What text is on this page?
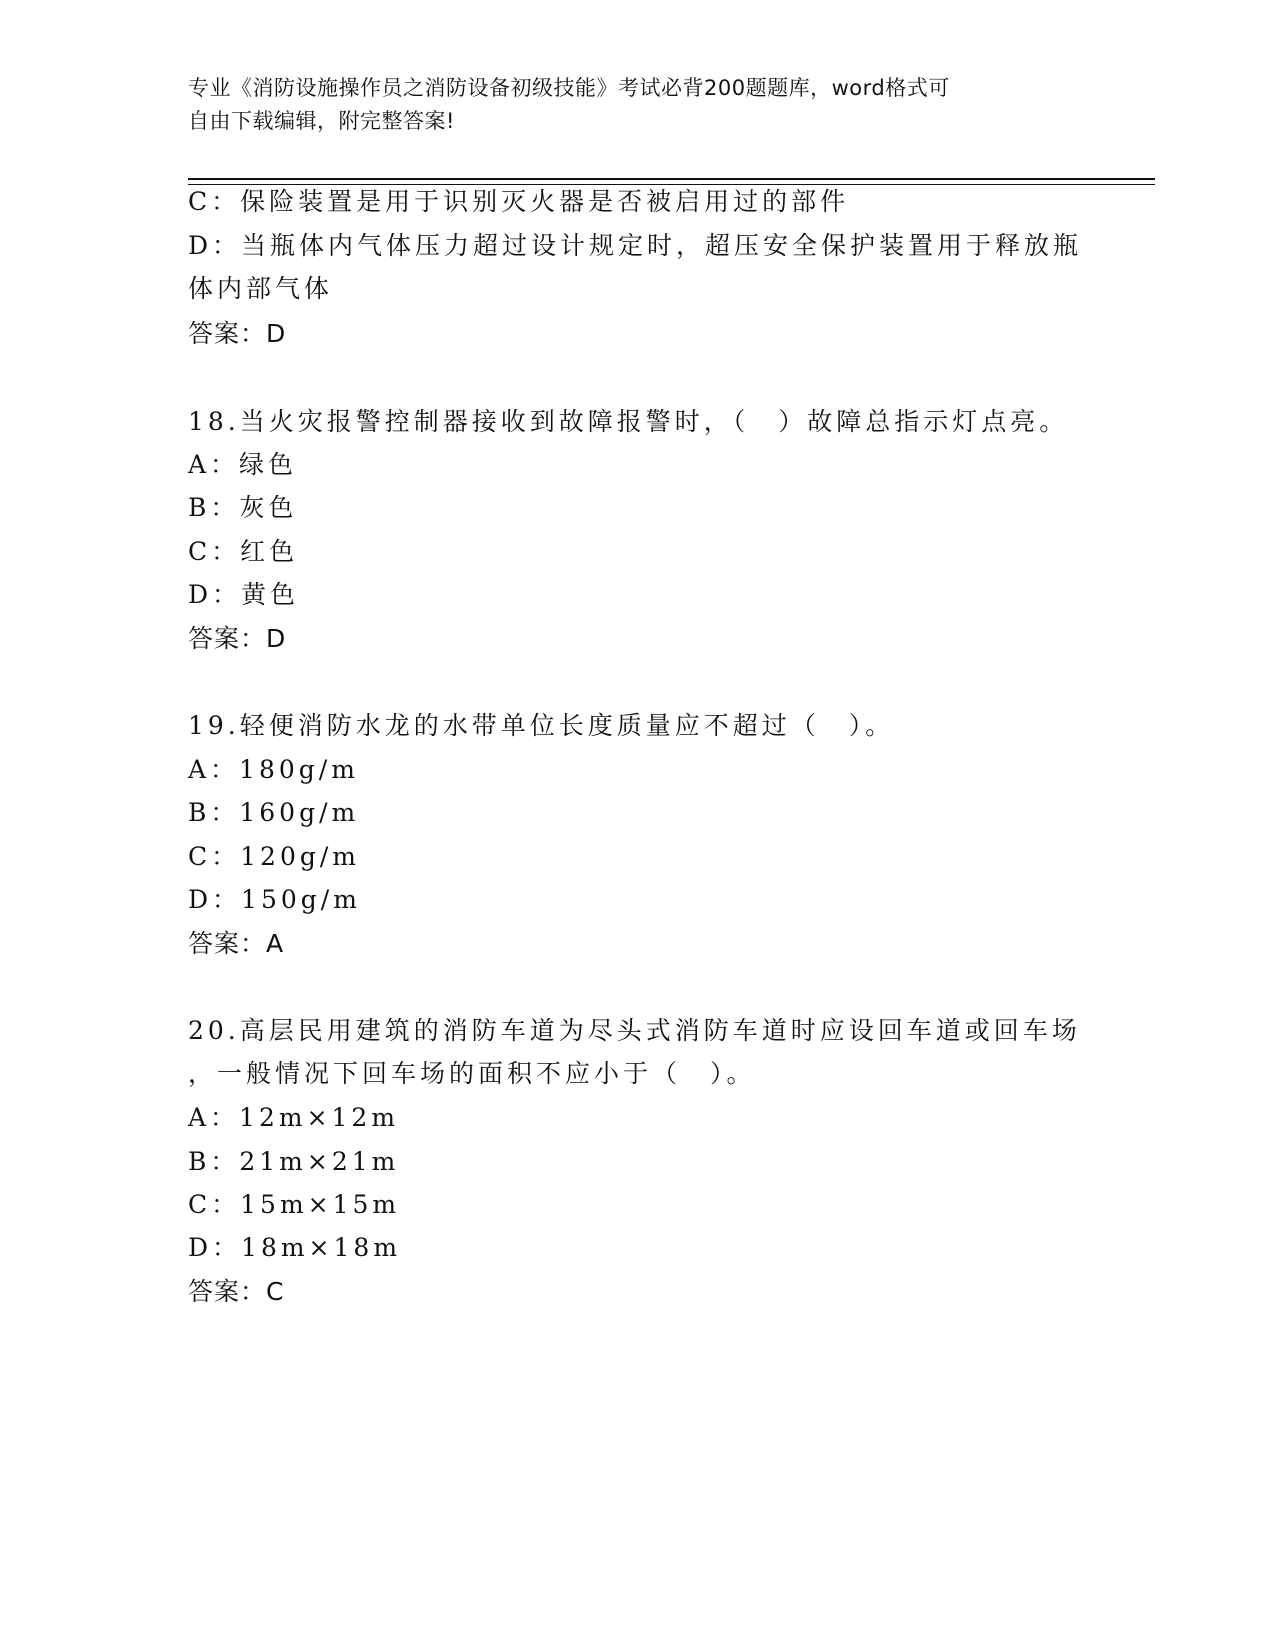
专业《消防设施操作员之消防设备初级技能》考试必背200题题库，word格式可
自由下载编辑，附完整答案!
C：保险装置是用于识别灭火器是否被启用过的部件
D：当瓶体内气体压力超过设计规定时，超压安全保护装置用于释放瓶
体内部气体
答案：D
18.当火灾报警控制器接收到故障报警时，（　）故障总指示灯点亮。
A：绿色
B：灰色
C：红色
D：黄色
答案：D
19.轻便消防水龙的水带单位长度质量应不超过（　）。
A：180g/m
B：160g/m
C：120g/m
D：150g/m
答案：A
20.高层民用建筑的消防车道为尽头式消防车道时应设回车道或回车场
，一般情况下回车场的面积不应小于（　）。
A：12m×12m
B：21m×21m
C：15m×15m
D：18m×18m
答案：C
